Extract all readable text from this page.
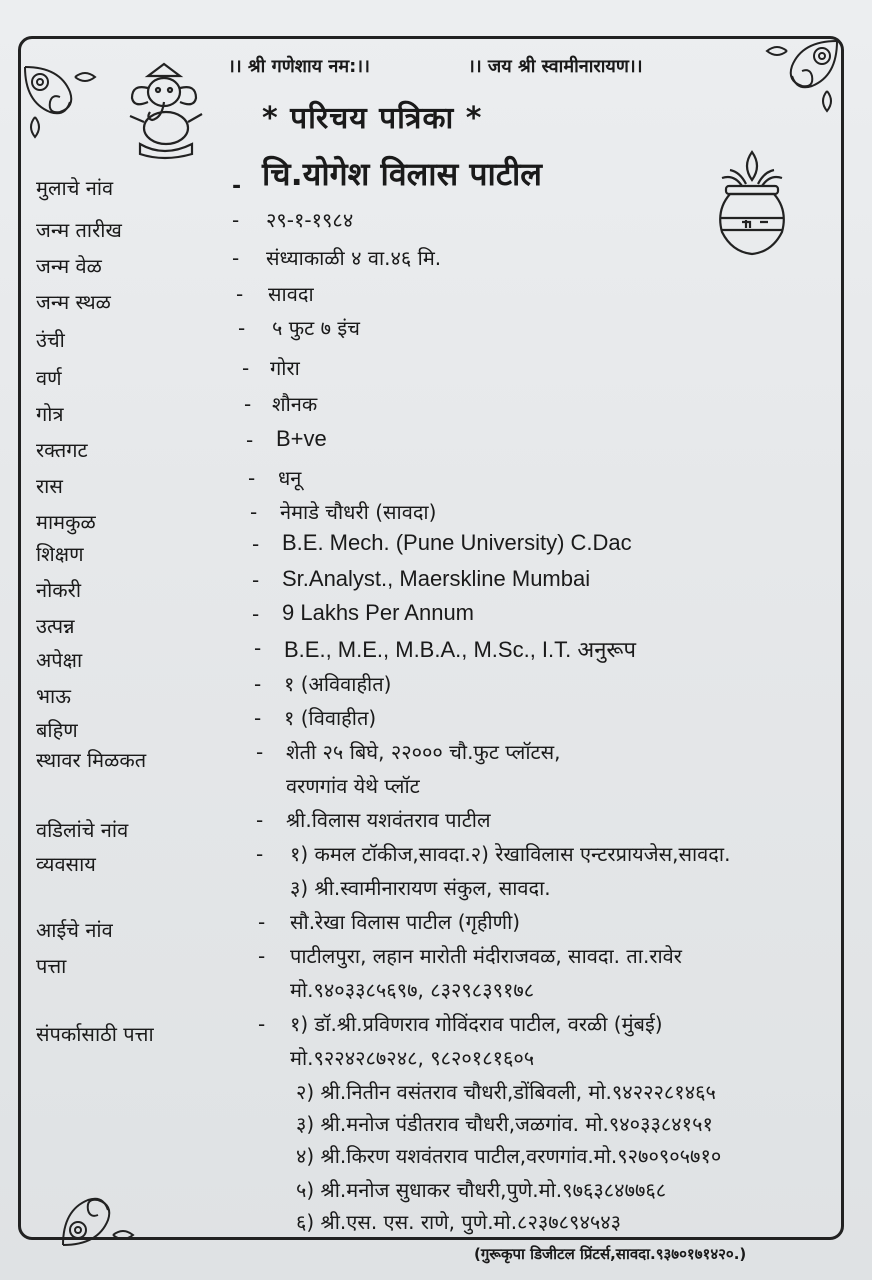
।। श्री गणेशाय नम:।।	।। जय श्री स्वामीनारायण।।
* परिचय पत्रिका *
मुलाचे नांव	- चि.योगेश विलास पाटील
जन्म तारीख	- २९-१-१९८४
जन्म वेळ	- संध्याकाळी ४ वा.४६ मि.
जन्म स्थळ	- सावदा
उंची	- ५ फुट ७ इंच
वर्ण	- गोरा
गोत्र	- शौनक
रक्तगट	- B+ve
रास	- धनू
मामकुळ	- नेमाडे चौधरी (सावदा)
शिक्षण	- B.E. Mech. (Pune University) C.Dac
नोकरी	- Sr.Analyst., Maerskline Mumbai
उत्पन्न	- 9 Lakhs Per Annum
अपेक्षा	- B.E., M.E., M.B.A., M.Sc., I.T. अनुरूप
भाऊ	- १ (अविवाहीत)
बहिण	- १ (विवाहीत)
स्थावर मिळकत	- शेती २५ बिघे, २२००० चौ.फुट प्लॉटस,
वरणगांव येथे प्लॉट
वडिलांचे नांव	- श्री.विलास यशवंतराव पाटील
व्यवसाय	- १) कमल टॉकीज,सावदा.२) रेखाविलास एन्टरप्रायजेस,सावदा.
३) श्री.स्वामीनारायण संकुल, सावदा.
आईचे नांव	- सौ.रेखा विलास पाटील (गृहीणी)
पत्ता	- पाटीलपुरा, लहान मारोती मंदीराजवळ, सावदा. ता.रावेर
मो.९४०३३८५६९७, ८३२९८३९१७८
संपर्कासाठी पत्ता	- १) डॉ.श्री.प्रविणराव गोविंदराव पाटील, वरळी (मुंबई)
मो.९२२४२८७२४८, ९८२०१८१६०५
२) श्री.नितीन वसंतराव चौधरी,डोंबिवली, मो.९४२२२८१४६५
३) श्री.मनोज पंडीतराव चौधरी,जळगांव. मो.९४०३३८४१५१
४) श्री.किरण यशवंतराव पाटील,वरणगांव.मो.९२७०९०५७१०
५) श्री.मनोज सुधाकर चौधरी,पुणे.मो.९७६३८४७७६८
६) श्री.एस. एस. राणे, पुणे.मो.८२३७८९४५४३
(गुरूकृपा डिजीटल प्रिंटर्स,सावदा.९३७०१७१४२०.)
